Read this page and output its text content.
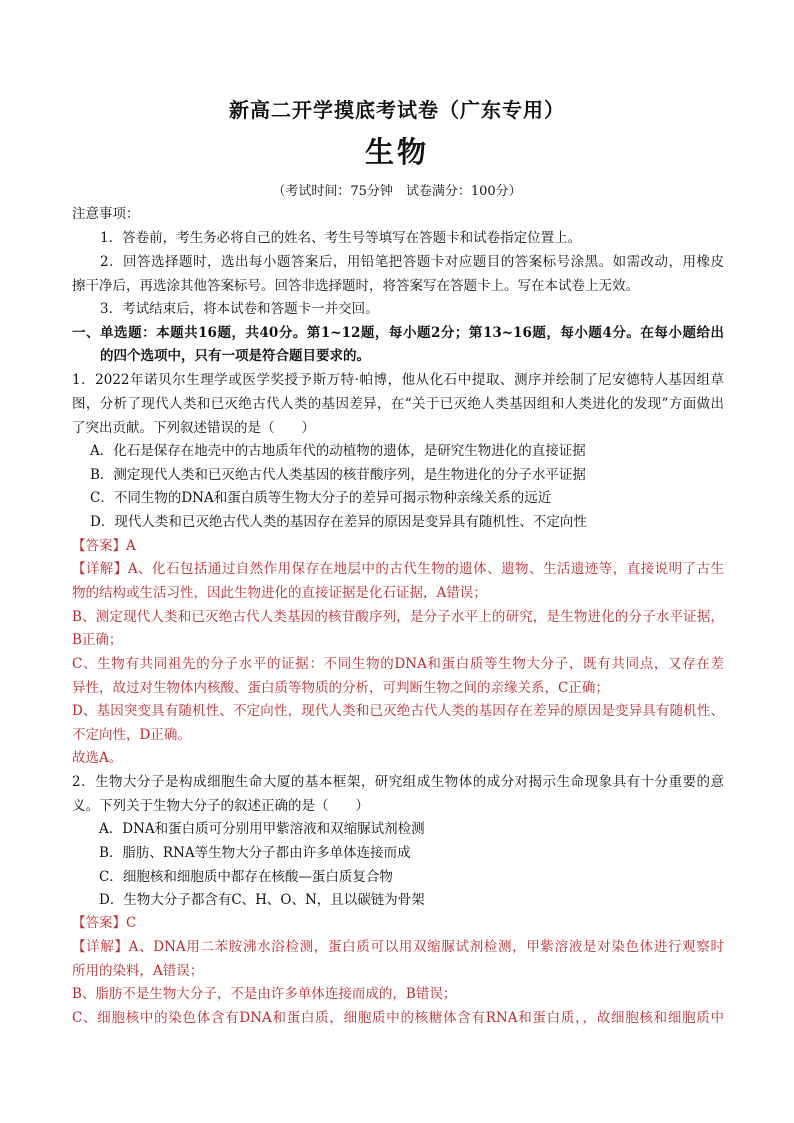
新高二开学摸底考试卷（广东专用）
生物
（考试时间：75分钟　试卷满分：100分）
注意事项：
1．答卷前，考生务必将自己的姓名、考生号等填写在答题卡和试卷指定位置上。
2．回答选择题时，选出每小题答案后，用铅笔把答题卡对应题目的答案标号涂黑。如需改动，用橡皮
擦干净后，再选涂其他答案标号。回答非选择题时，将答案写在答题卡上。写在本试卷上无效。
3．考试结束后，将本试卷和答题卡一并交回。
一、单选题：本题共16题，共40分。第1~12题，每小题2分；第13~16题，每小题4分。在每小题给出
的四个选项中，只有一项是符合题目要求的。
1．2022年诺贝尔生理学或医学奖授予斯万特·帕博，他从化石中提取、测序并绘制了尼安德特人基因组草
图，分析了现代人类和已灭绝古代人类的基因差异，在“关于已灭绝人类基因组和人类进化的发现”方面做出
了突出贡献。下列叙述错误的是（　　）
A．化石是保存在地壳中的古地质年代的动植物的遗体，是研究生物进化的直接证据
B．测定现代人类和已灭绝古代人类基因的核苷酸序列，是生物进化的分子水平证据
C．不同生物的DNA和蛋白质等生物大分子的差异可揭示物种亲缘关系的远近
D．现代人类和已灭绝古代人类的基因存在差异的原因是变异具有随机性、不定向性
【答案】A
【详解】A、化石包括通过自然作用保存在地层中的古代生物的遗体、遗物、生活遗迹等，直接说明了古生
物的结构或生活习性，因此生物进化的直接证据是化石证据，A错误；
B、测定现代人类和已灭绝古代人类基因的核苷酸序列，是分子水平上的研究，是生物进化的分子水平证据，
B正确；
C、生物有共同祖先的分子水平的证据：不同生物的DNA和蛋白质等生物大分子，既有共同点，又存在差
异性，故过对生物体内核酸、蛋白质等物质的分析，可判断生物之间的亲缘关系，C正确；
D、基因突变具有随机性、不定向性，现代人类和已灭绝古代人类的基因存在差异的原因是变异具有随机性、
不定向性，D正确。
故选A。
2．生物大分子是构成细胞生命大厦的基本框架，研究组成生物体的成分对揭示生命现象具有十分重要的意
义。下列关于生物大分子的叙述正确的是（　　）
A．DNA和蛋白质可分别用甲紫溶液和双缩脲试剂检测
B．脂肪、RNA等生物大分子都由许多单体连接而成
C．细胞核和细胞质中都存在核酸—蛋白质复合物
D．生物大分子都含有C、H、O、N，且以碳链为骨架
【答案】C
【详解】A、DNA用二苯胺沸水浴检测，蛋白质可以用双缩脲试剂检测，甲紫溶液是对染色体进行观察时
所用的染料，A错误；
B、脂肪不是生物大分子，不是由许多单体连接而成的，B错误；
C、细胞核中的染色体含有DNA和蛋白质，细胞质中的核糖体含有RNA和蛋白质，，故细胞核和细胞质中
